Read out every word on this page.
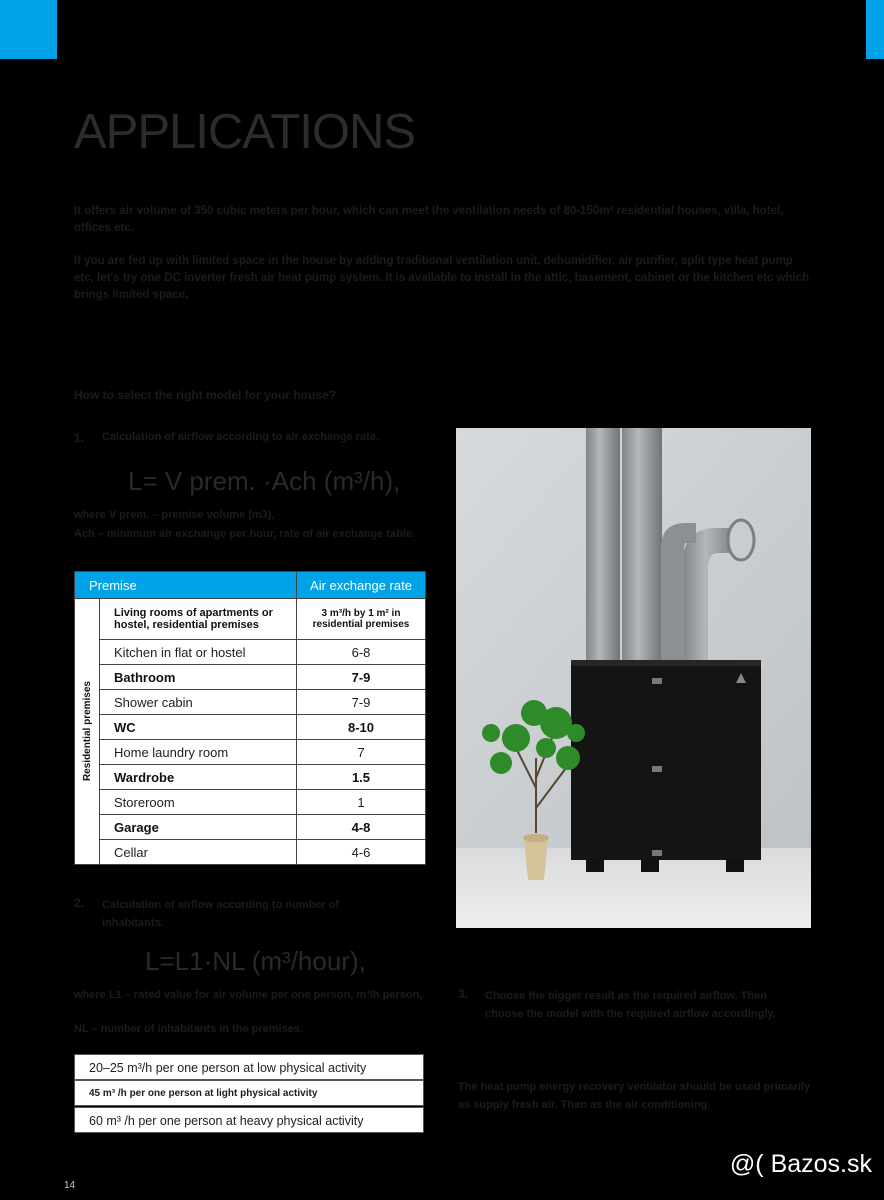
APPLICATIONS
It offers air volume of 350 cubic meters per hour, which can meet the ventilation needs of 80-150m² residential houses, villa, hotel, offices etc.
If you are fed up with limited space in the house by adding traditional ventilation unit, dehumidifier, air purifier, split type heat pump etc, let's try one DC inverter fresh air heat pump system. It is available to install in the attic, basement, cabinet or the kitchen etc which brings limited space.
How to select the right model for your house?
1. Calculation of airflow according to air exchange rate.
L= V prem. ·Ach (m³/h),
where V prem. – premise volume (m3),
Ach – minimum air exchange per hour, rate of air exchange table.
Premise		Air exchange rate

Residential premises	Living rooms of apartments or hostel, residential premises	3 m³/h by 1 m² in residential premises
	Kitchen in flat or hostel	6-8
	Bathroom	7-9
	Shower cabin	7-9
	WC	8-10
	Home laundry room	7
	Wardrobe	1.5
	Storeroom	1
	Garage	4-8
	Cellar	4-6
2. Calculation of airflow according to number of inhabitants.
L=L1·NL (m³/hour),
where L1 – rated value for air volume per one person, m³/h person,
NL – number of inhabitants in the premises.
20–25 m³/h per one person at low physical activity
45 m³ /h per one person at light physical activity
60 m³ /h per one person at heavy physical activity
3. Choose the bigger result as the required airflow. Then choose the model with the required airflow accordingly.
The heat pump energy recovery ventilator should be used primarily as supply fresh air. Then as the air conditioning.
@( Bazos.sk
14
